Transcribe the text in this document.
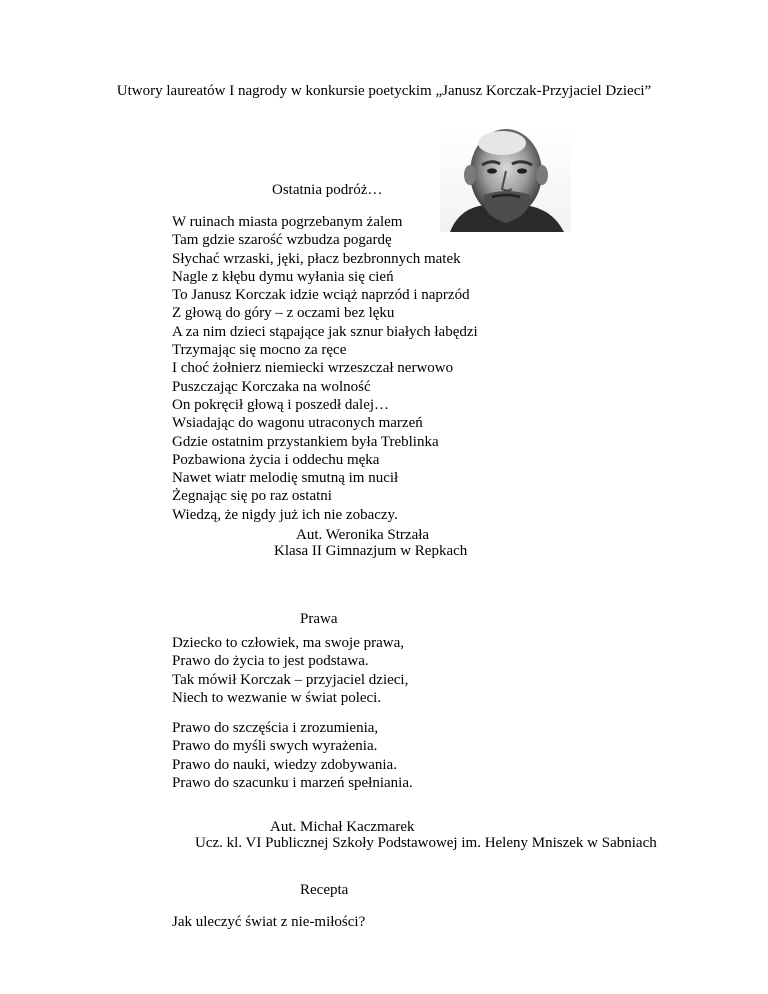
Utwory laureatów I nagrody w konkursie poetyckim „Janusz Korczak-Przyjaciel Dzieci”
Ostatnia podróż…
W ruinach miasta pogrzebanym żalem
Tam gdzie szarość wzbudza pogardę
Słychać wrzaski, jęki, płacz bezbronnych matek
Nagle z kłębu dymu wyłania się cień
To Janusz Korczak idzie wciąż naprzód i naprzód
Z głową do góry – z oczami bez lęku
A za nim dzieci stąpające jak sznur białych łabędzi
Trzymając się mocno za ręce
I choć żołnierz niemiecki wrzeszczał nerwowo
Puszczając Korczaka na wolność
On pokręcił głową i poszedł dalej…
Wsiadając do wagonu utraconych marzeń
Gdzie ostatnim przystankiem była Treblinka
Pozbawiona życia i oddechu męka
Nawet wiatr melodię smutną im nucił
Żegnając się po raz ostatni
Wiedzą, że nigdy już ich nie zobaczy.
Aut. Weronika Strzała
Klasa II Gimnazjum w Repkach
Prawa
Dziecko to człowiek, ma swoje prawa,
Prawo do życia to jest podstawa.
Tak mówił Korczak – przyjaciel dzieci,
Niech to wezwanie w świat poleci.
Prawo do szczęścia i zrozumienia,
Prawo do myśli swych wyrażenia.
Prawo do nauki, wiedzy zdobywania.
Prawo do szacunku i marzeń spełniania.
Aut. Michał Kaczmarek
Ucz. kl. VI Publicznej Szkoły Podstawowej im. Heleny Mniszek w Sabniach
Recepta
Jak uleczyć świat z nie-miłości?
